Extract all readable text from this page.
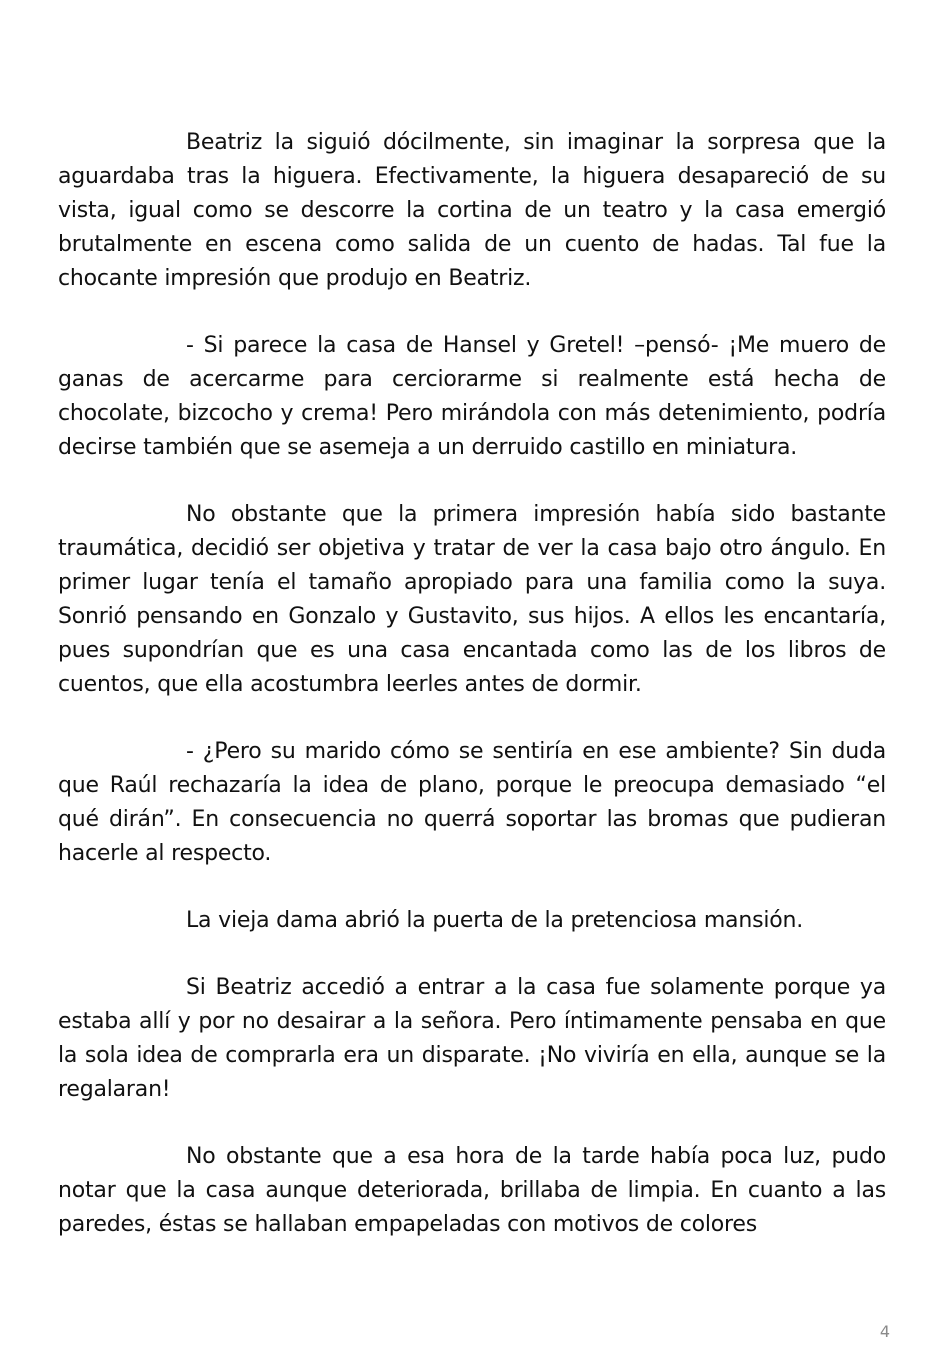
Beatriz la siguió dócilmente, sin imaginar la sorpresa que la aguardaba tras la higuera. Efectivamente, la higuera desapareció de su vista, igual como se descorre la cortina de un teatro y la casa emergió brutalmente en escena como salida de un cuento de hadas. Tal fue la chocante impresión que produjo en Beatriz.

- Si parece la casa de Hansel y Gretel! –pensó- ¡Me muero de ganas de acercarme para cerciorarme si realmente está hecha de chocolate, bizcocho y crema! Pero mirándola con más detenimiento, podría decirse también que se asemeja a un derruido castillo en miniatura.

No obstante que la primera impresión había sido bastante traumática, decidió ser objetiva y tratar de ver la casa bajo otro ángulo. En primer lugar tenía el tamaño apropiado para una familia como la suya. Sonrió pensando en Gonzalo y Gustavito, sus hijos. A ellos les encantaría, pues supondrían que es una casa encantada como las de los libros de cuentos, que ella acostumbra leerles antes de dormir.

- ¿Pero su marido cómo se sentiría en ese ambiente? Sin duda que Raúl rechazaría la idea de plano, porque le preocupa demasiado “el qué dirán”. En consecuencia no querrá soportar las bromas que pudieran hacerle al respecto.

La vieja dama abrió la puerta de la pretenciosa mansión.

Si Beatriz accedió a entrar a la casa fue solamente porque ya estaba allí y por no desairar a la señora. Pero íntimamente pensaba en que la sola idea de comprarla era un disparate. ¡No viviría en ella, aunque se la regalaran!

No obstante que a esa hora de la tarde había poca luz, pudo notar que la casa aunque deteriorada, brillaba de limpia. En cuanto a las paredes, éstas se hallaban empapeladas con motivos de colores

4
